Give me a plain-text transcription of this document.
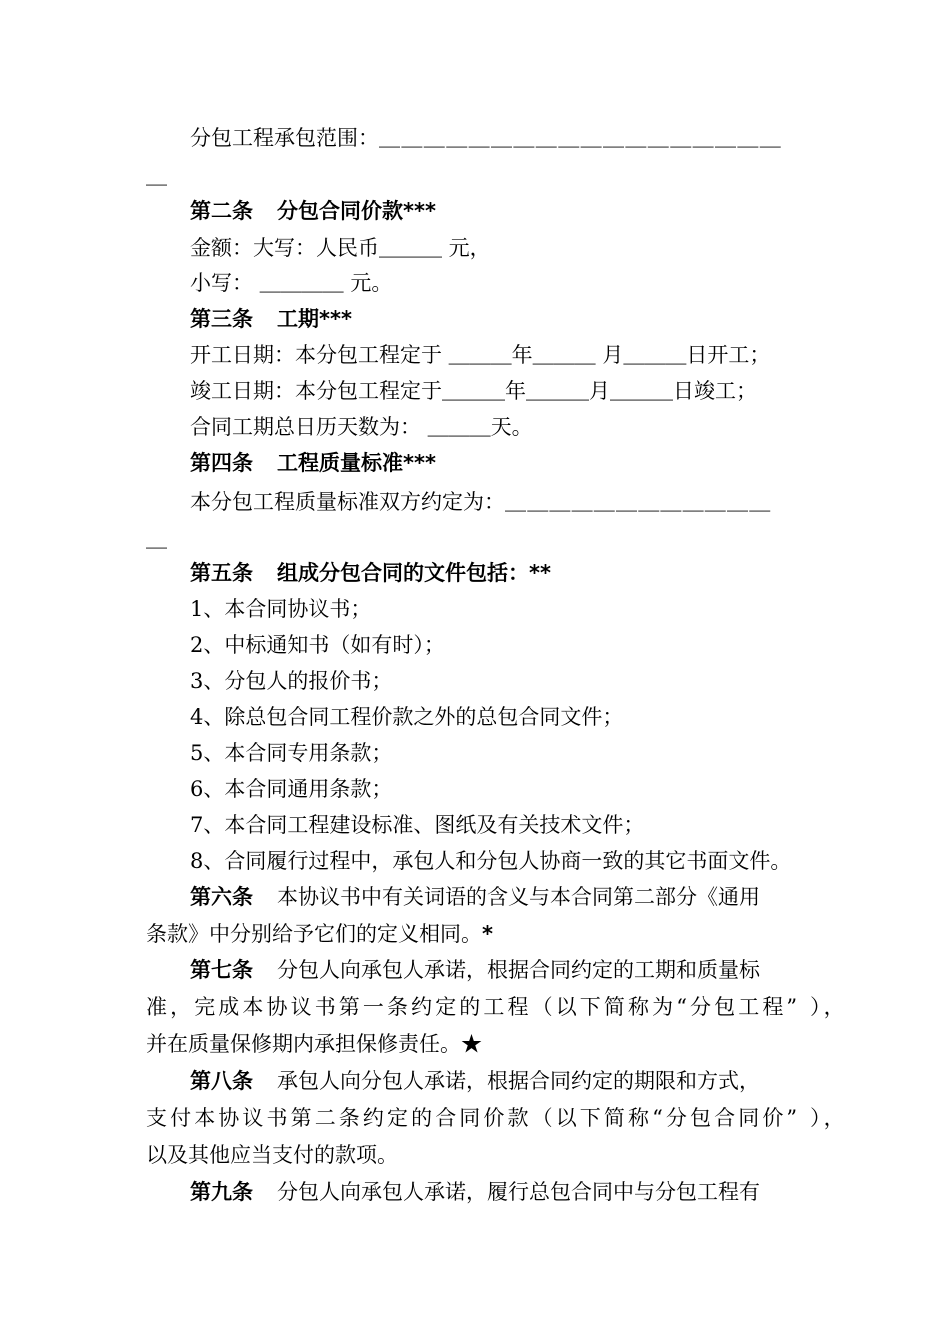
分包工程承包范围：＿＿＿＿＿＿＿＿＿＿＿＿＿＿＿＿＿＿
＿
第二条 分包合同价款***
金额：大写：人民币＿＿＿ 元，
小写： ＿＿＿＿ 元。
第三条 工期***
开工日期：本分包工程定于 ＿＿＿年＿＿＿ 月＿＿＿日开工；
竣工日期：本分包工程定于＿＿＿年＿＿＿月＿＿＿日竣工；
合同工期总日历天数为： ＿＿＿天。
第四条 工程质量标准***
本分包工程质量标准双方约定为：＿＿＿＿＿＿＿＿＿＿＿＿
＿
第五条 组成分包合同的文件包括：**
1、本合同协议书；
2、中标通知书（如有时）；
3、分包人的报价书；
4、除总包合同工程价款之外的总包合同文件；
5、本合同专用条款；
6、本合同通用条款；
7、本合同工程建设标准、图纸及有关技术文件；
8、合同履行过程中，承包人和分包人协商一致的其它书面文件。
第六条 本协议书中有关词语的含义与本合同第二部分《通用
条款》中分别给予它们的定义相同。*
第七条 分包人向承包人承诺，根据合同约定的工期和质量标
准，完成本协议书第一条约定的工程（以下简称为“分包工程” ），
并在质量保修期内承担保修责任。★
第八条 承包人向分包人承诺，根据合同约定的期限和方式，
支付本协议书第二条约定的合同价款（以下简称“分包合同价” ），
以及其他应当支付的款项。
第九条 分包人向承包人承诺，履行总包合同中与分包工程有
